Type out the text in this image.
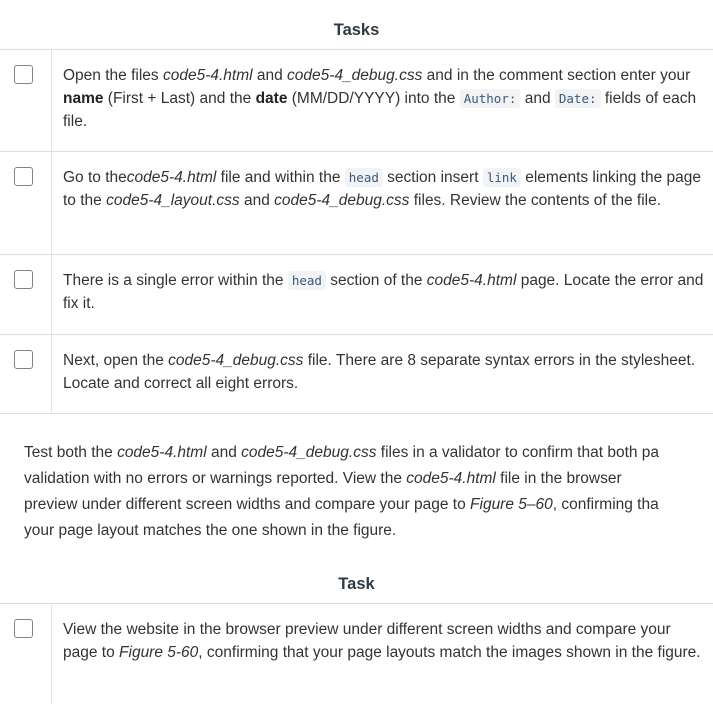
Tasks
Open the files code5-4.html and code5-4_debug.css and in the comment section enter your name (First + Last) and the date (MM/DD/YYYY) into the Author: and Date: fields of each file.
Go to thecode5-4.html file and within the head section insert link elements linking the page to the code5-4_layout.css and code5-4_debug.css files. Review the contents of the file.
There is a single error within the head section of the code5-4.html page. Locate the error and fix it.
Next, open the code5-4_debug.css file. There are 8 separate syntax errors in the stylesheet. Locate and correct all eight errors.
Test both the code5-4.html and code5-4_debug.css files in a validator to confirm that both pa
validation with no errors or warnings reported. View the code5-4.html file in the browser
preview under different screen widths and compare your page to Figure 5–60, confirming tha
your page layout matches the one shown in the figure.
Task
View the website in the browser preview under different screen widths and compare your page to Figure 5-60, confirming that your page layouts match the images shown in the figure.
